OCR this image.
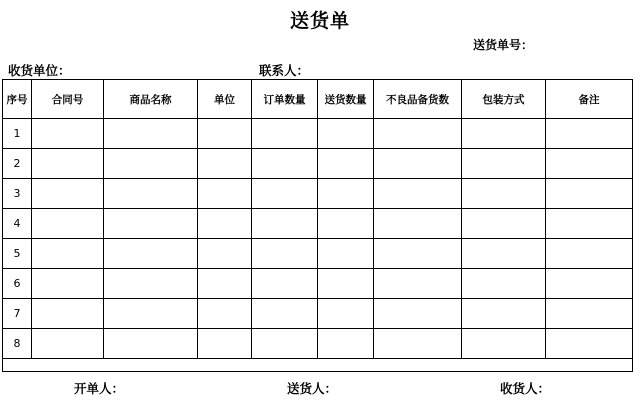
送货单
送货单号：
收货单位：	联系人：
序号	合同号	商品名称	单位	订单数量	送货数量	不良品备货数	包装方式	备注
1								
2								
3								
4								
5								
6								
7								
8								

开单人：	送货人：	收货人：
